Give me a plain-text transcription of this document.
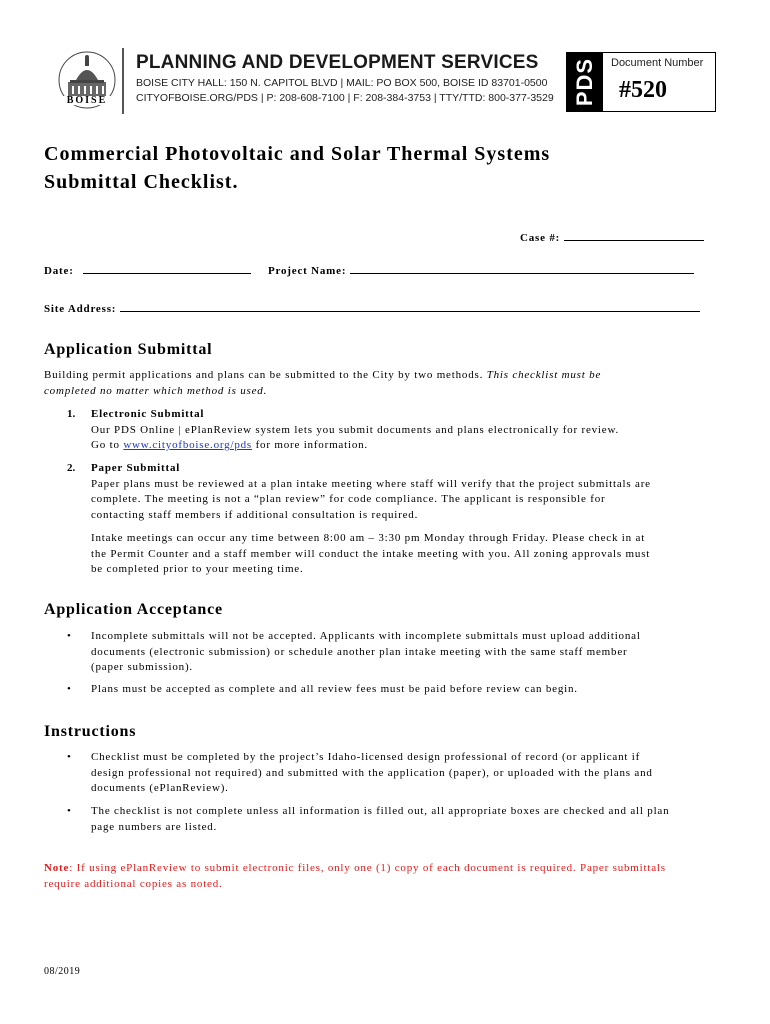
BOISE
PLANNING AND DEVELOPMENT SERVICES
BOISE CITY HALL: 150 N. CAPITOL BLVD | MAIL: PO BOX 500, BOISE ID 83701-0500
CITYOFBOISE.ORG/PDS | P: 208-608-7100 | F: 208-384-3753 | TTY/TTD: 800-377-3529 PDS Document Number
#520
Commercial Photovoltaic and Solar Thermal Systems
Submittal Checklist.
Case #:
Date:	Project Name:
Site Address:
Application Submittal
Building permit applications and plans can be submitted to the City by two methods. This checklist must be
completed no matter which method is used.
1. Electronic Submittal
Our PDS Online | ePlanReview system lets you submit documents and plans electronically for review.
Go to www.cityofboise.org/pds for more information.
2. Paper Submittal
Paper plans must be reviewed at a plan intake meeting where staff will verify that the project submittals are
complete. The meeting is not a “plan review” for code compliance. The applicant is responsible for
contacting staff members if additional consultation is required.
Intake meetings can occur any time between 8:00 am – 3:30 pm Monday through Friday. Please check in at
the Permit Counter and a staff member will conduct the intake meeting with you. All zoning approvals must
be completed prior to your meeting time.
Application Acceptance
• Incomplete submittals will not be accepted. Applicants with incomplete submittals must upload additional
documents (electronic submission) or schedule another plan intake meeting with the same staff member
(paper submission).
• Plans must be accepted as complete and all review fees must be paid before review can begin.
Instructions
• Checklist must be completed by the project’s Idaho-licensed design professional of record (or applicant if
design professional not required) and submitted with the application (paper), or uploaded with the plans and
documents (ePlanReview).
• The checklist is not complete unless all information is filled out, all appropriate boxes are checked and all plan
page numbers are listed.
Note: If using ePlanReview to submit electronic files, only one (1) copy of each document is required. Paper submittals
require additional copies as noted.
08/2019
